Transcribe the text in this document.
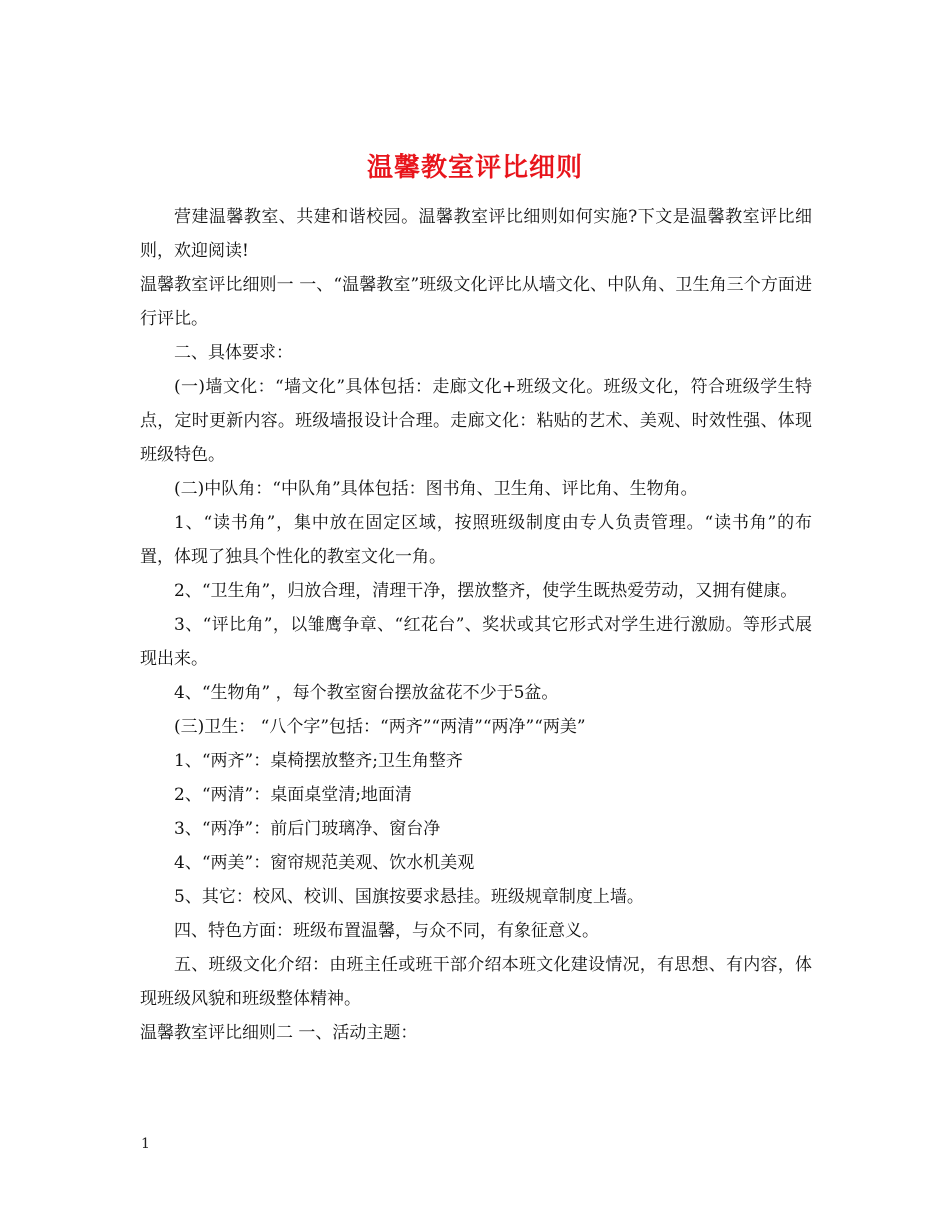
温馨教室评比细则

营建温馨教室、共建和谐校园。温馨教室评比细则如何实施?下文是温馨教室评比细则，欢迎阅读!

温馨教室评比细则一 一、“温馨教室”班级文化评比从墙文化、中队角、卫生角三个方面进行评比。

二、具体要求：

(一)墙文化：“墙文化”具体包括：走廊文化+班级文化。班级文化，符合班级学生特点，定时更新内容。班级墙报设计合理。走廊文化：粘贴的艺术、美观、时效性强、体现班级特色。

(二)中队角：“中队角”具体包括：图书角、卫生角、评比角、生物角。

1、“读书角”，集中放在固定区域，按照班级制度由专人负责管理。“读书角”的布置，体现了独具个性化的教室文化一角。

2、“卫生角”，归放合理，清理干净，摆放整齐，使学生既热爱劳动，又拥有健康。

3、“评比角”，以雏鹰争章、“红花台”、奖状或其它形式对学生进行激励。等形式展现出来。

4、“生物角” ，每个教室窗台摆放盆花不少于5盆。

(三)卫生： “八个字”包括：“两齐”“两清”“两净”“两美”

1、“两齐”：桌椅摆放整齐;卫生角整齐

2、“两清”：桌面桌堂清;地面清

3、“两净”：前后门玻璃净、窗台净

4、“两美”：窗帘规范美观、饮水机美观

5、其它：校风、校训、国旗按要求悬挂。班级规章制度上墙。

四、特色方面：班级布置温馨，与众不同，有象征意义。

五、班级文化介绍：由班主任或班干部介绍本班文化建设情况，有思想、有内容，体现班级风貌和班级整体精神。

温馨教室评比细则二 一、活动主题：

1
